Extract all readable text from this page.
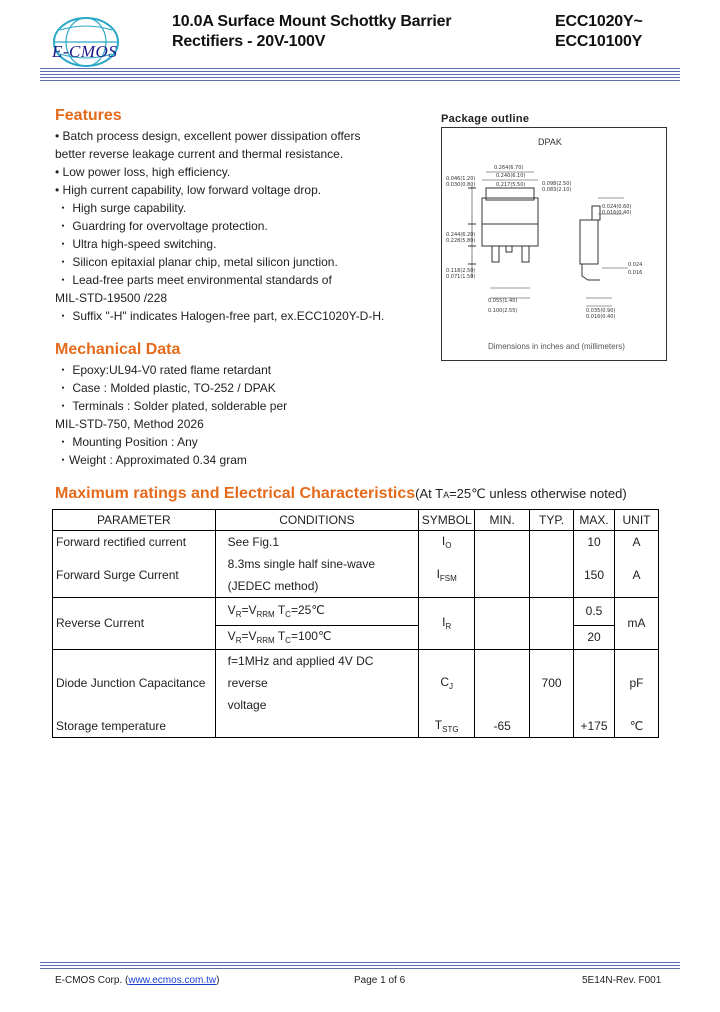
E-CMOS
10.0A Surface Mount Schottky Barrier
Rectifiers - 20V-100V
ECC1020Y~
ECC10100Y
Features
• Batch process design, excellent power dissipation offers
better reverse leakage current and thermal resistance.
• Low power loss, high efficiency.
• High current capability, low forward voltage drop.
・ High surge capability.
・ Guardring for overvoltage protection.
・ Ultra high-speed switching.
・ Silicon epitaxial planar chip, metal silicon junction.
・ Lead-free parts meet environmental standards of
MIL-STD-19500 /228
・ Suffix "-H" indicates Halogen-free part, ex.ECC1020Y-D-H.
Package outline
DPAK
0.264(6.70)
0.240(6.10)
0.217(5.50)
0.046(1.20)
0.030(0.80)	0.098(2.50)
0.083(2.10)
0.244(6.20)
0.228(5.80)
0.118(2.50)
0.071(1.50)
0.055(1.40)
0.100(2.55)
0.024(0.60)
0.016(0.40)
0.024
0.016
0.035(0.90)
0.016(0.40)
Dimensions in inches and (millimeters)
Mechanical Data
・ Epoxy:UL94-V0 rated flame retardant
・ Case : Molded plastic, TO-252 / DPAK
・ Terminals : Solder plated, solderable per
MIL-STD-750, Method 2026
・ Mounting Position : Any
・Weight : Approximated 0.34 gram
Maximum ratings and Electrical Characteristics(At TA=25℃ unless otherwise noted)
PARAMETER	CONDITIONS	SYMBOL	MIN.	TYP.	MAX.	UNIT
Forward rectified current	See Fig.1	$I_O$			10	A
Forward Surge Current	8.3ms single half sine-wave
(JEDEC method)	$I_{FSM}$			150	A
Reverse Current	$V_R=V_{RRM}$ $T_C=25℃$	$I_R$			0.5	mA
	$V_R=V_{RRM}$ $T_C=100℃$				20	
Diode Junction Capacitance	f=1MHz and applied 4V DC reverse
voltage	$C_J$		700		pF
Storage temperature		$T_{STG}$	-65		+175	℃
E-CMOS Corp. (www.ecmos.com.tw)	Page 1 of 6	5E14N-Rev. F001
